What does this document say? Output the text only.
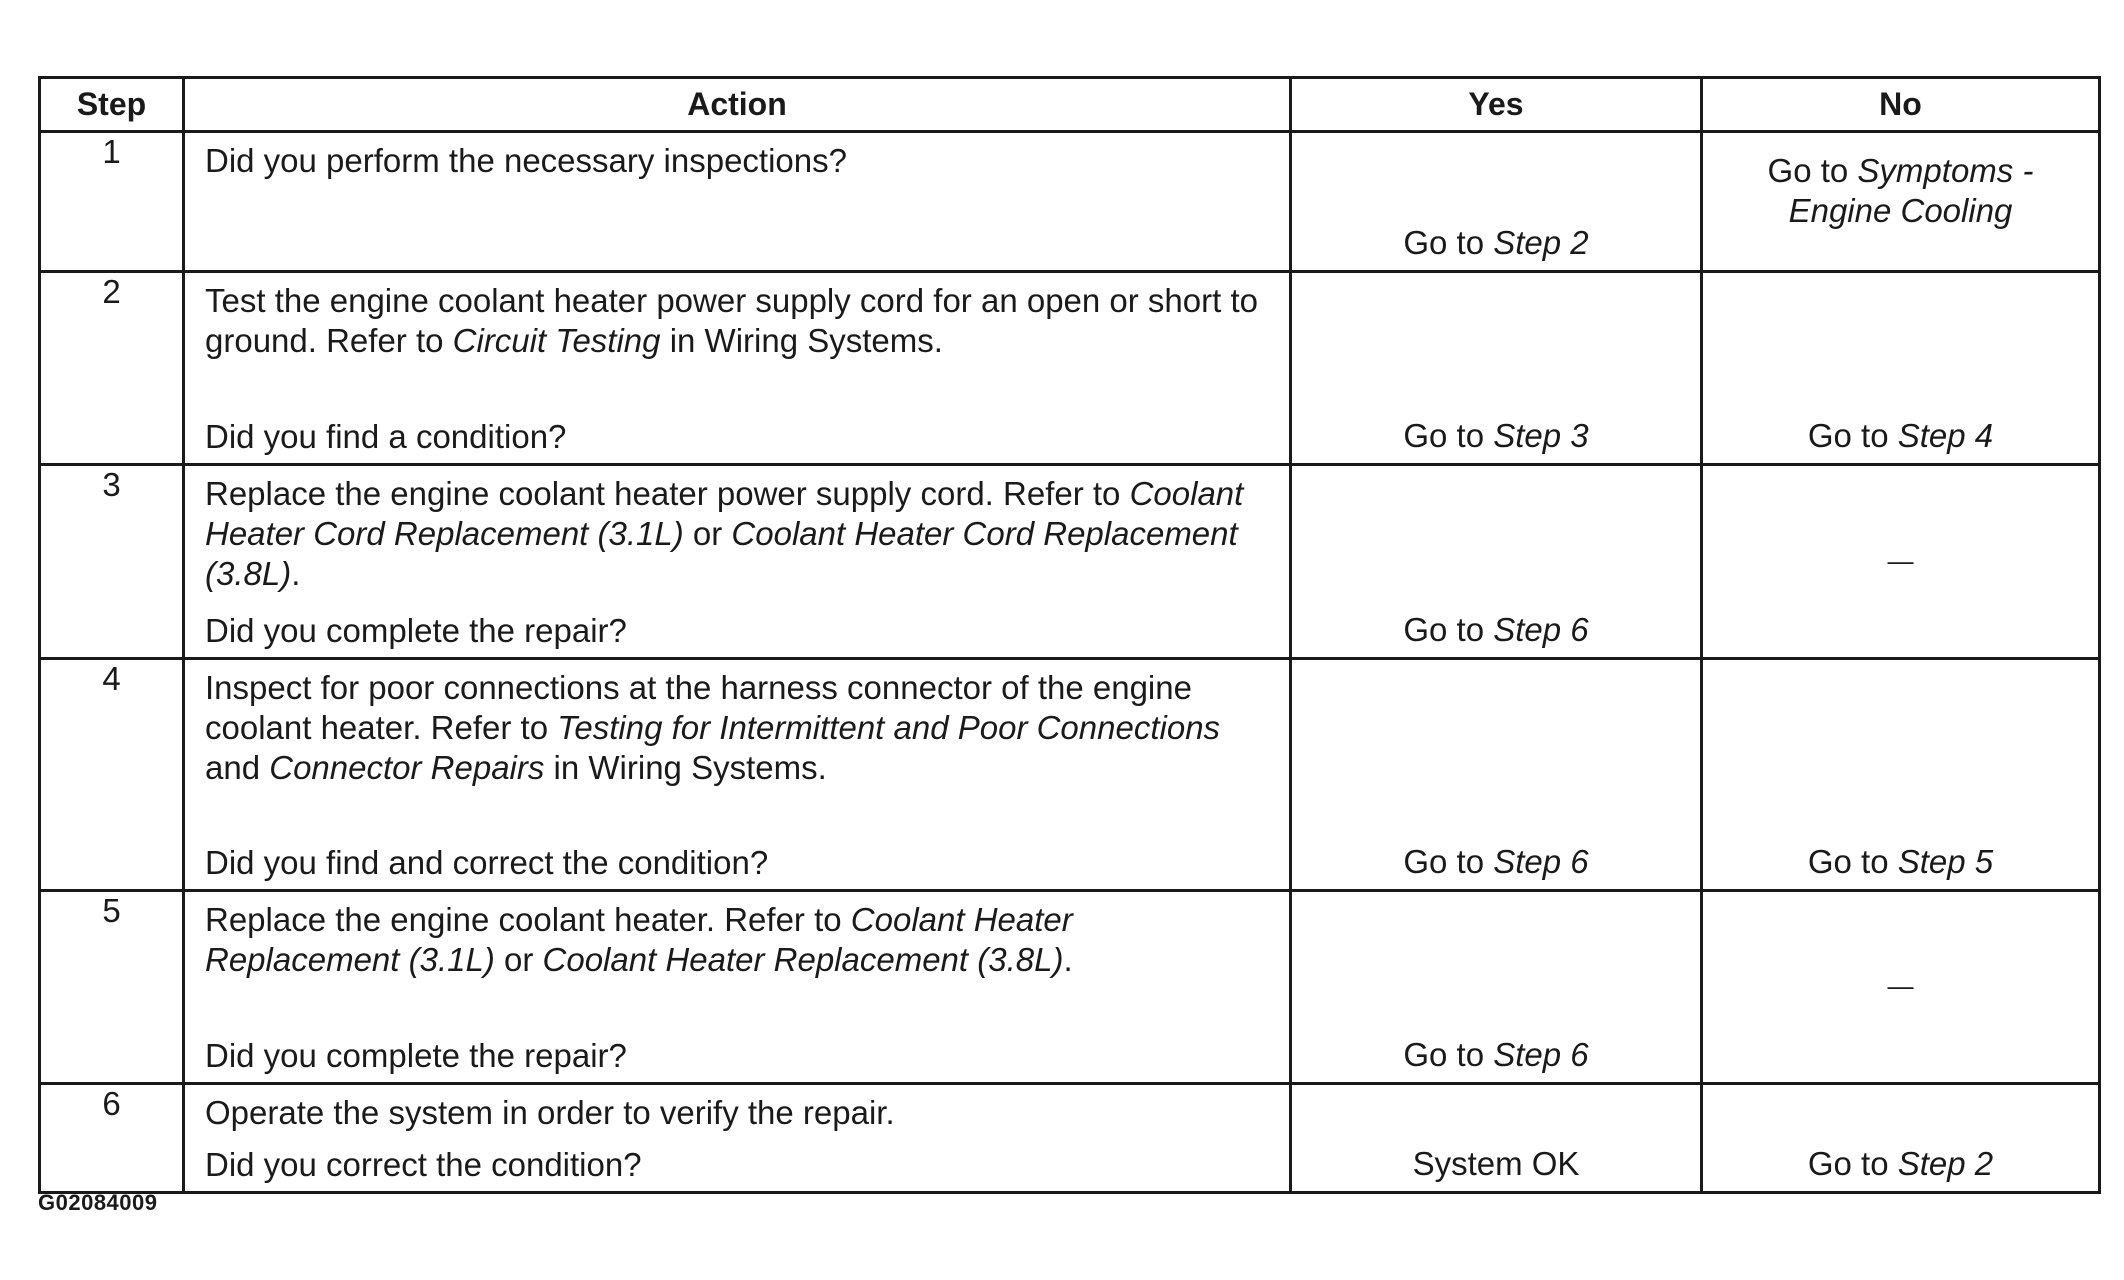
Step	Action	Yes	No
1	Did you perform the necessary inspections?	Go to Step 2	Go to Symptoms -
Engine Cooling

2	Test the engine coolant heater power supply cord for an open or short to ground. Refer to Circuit Testing in Wiring Systems.
Did you find a condition?	Go to Step 3	Go to Step 4

3	Replace the engine coolant heater power supply cord. Refer to Coolant Heater Cord Replacement (3.1L) or Coolant Heater Cord Replacement (3.8L).
Did you complete the repair?	Go to Step 6	—

4	Inspect for poor connections at the harness connector of the engine coolant heater. Refer to Testing for Intermittent and Poor Connections and Connector Repairs in Wiring Systems.
Did you find and correct the condition?	Go to Step 6	Go to Step 5

5	Replace the engine coolant heater. Refer to Coolant Heater Replacement (3.1L) or Coolant Heater Replacement (3.8L).
Did you complete the repair?	Go to Step 6	—

6	Operate the system in order to verify the repair.
Did you correct the condition?	System OK	Go to Step 2
G02084009
